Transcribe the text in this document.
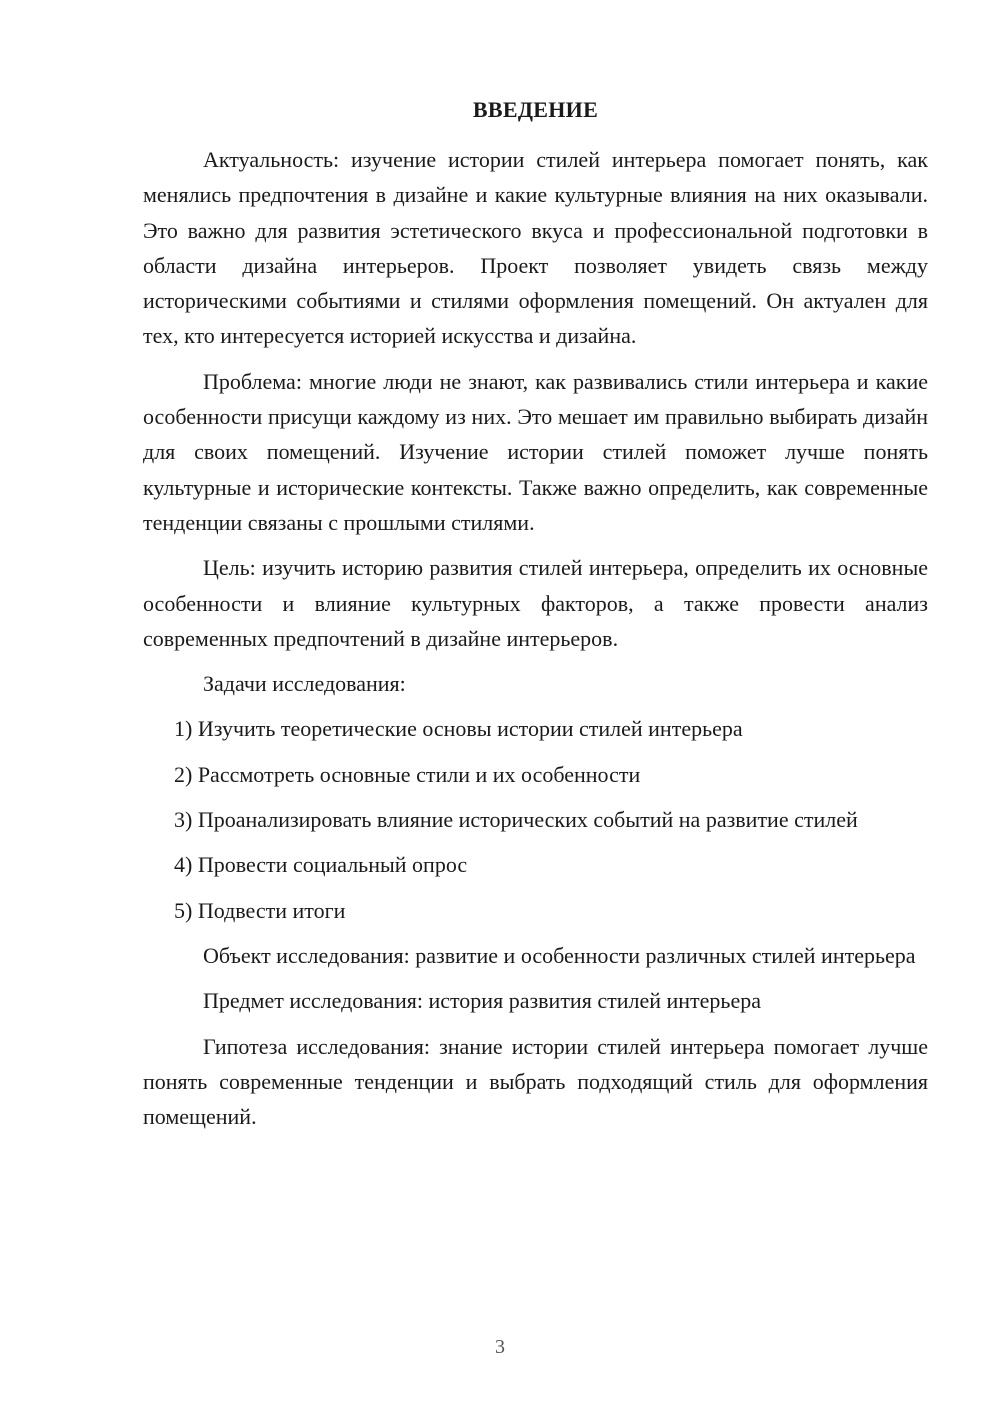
ВВЕДЕНИЕ

Актуальность: изучение истории стилей интерьера помогает понять, как менялись предпочтения в дизайне и какие культурные влияния на них оказывали. Это важно для развития эстетического вкуса и профессиональной подготовки в области дизайна интерьеров. Проект позволяет увидеть связь между историческими событиями и стилями оформления помещений. Он актуален для тех, кто интересуется историей искусства и дизайна.

Проблема: многие люди не знают, как развивались стили интерьера и какие особенности присущи каждому из них. Это мешает им правильно выбирать дизайн для своих помещений. Изучение истории стилей поможет лучше понять культурные и исторические контексты. Также важно определить, как современные тенденции связаны с прошлыми стилями.

Цель: изучить историю развития стилей интерьера, определить их основные особенности и влияние культурных факторов, а также провести анализ современных предпочтений в дизайне интерьеров.

Задачи исследования:

1) Изучить теоретические основы истории стилей интерьера

2) Рассмотреть основные стили и их особенности

3) Проанализировать влияние исторических событий на развитие стилей

4) Провести социальный опрос

5) Подвести итоги

Объект исследования: развитие и особенности различных стилей интерьера

Предмет исследования: история развития стилей интерьера

Гипотеза исследования: знание истории стилей интерьера помогает лучше понять современные тенденции и выбрать подходящий стиль для оформления помещений.

3
